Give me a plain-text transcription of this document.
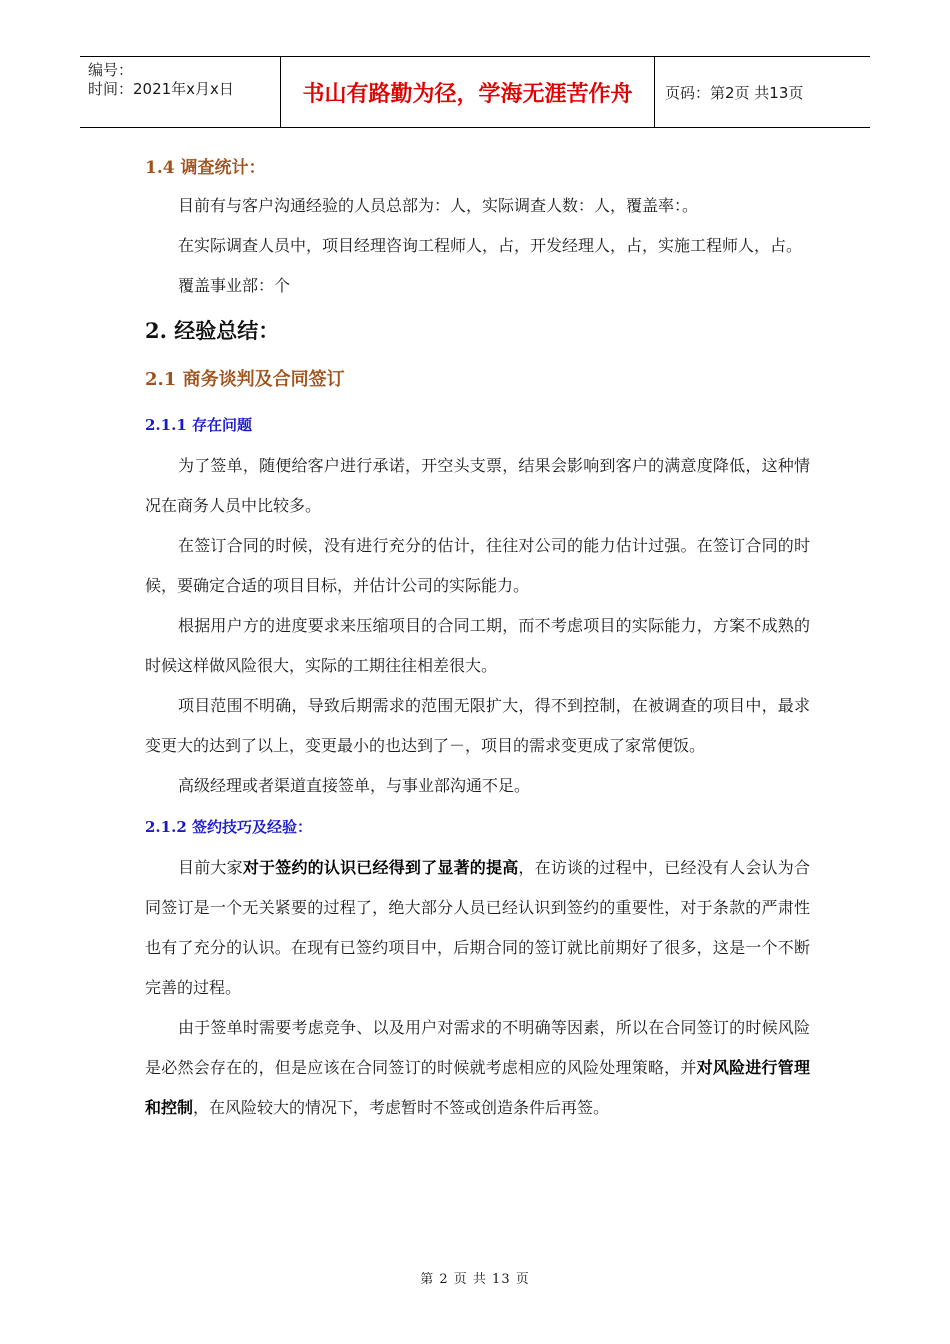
编号：
时间：2021年x月x日	书山有路勤为径，学海无涯苦作舟	页码：第2页 共13页
1.4 调查统计：

目前有与客户沟通经验的人员总部为：人，实际调查人数：人，覆盖率：。

在实际调查人员中，项目经理咨询工程师人，占，开发经理人，占，实施工程师人，占。

覆盖事业部：个

2. 经验总结：
2.1 商务谈判及合同签订
2.1.1 存在问题

为了签单，随便给客户进行承诺，开空头支票，结果会影响到客户的满意度降低，这种情况在商务人员中比较多。

在签订合同的时候，没有进行充分的估计，往往对公司的能力估计过强。在签订合同的时候，要确定合适的项目目标，并估计公司的实际能力。

根据用户方的进度要求来压缩项目的合同工期，而不考虑项目的实际能力，方案不成熟的时候这样做风险很大，实际的工期往往相差很大。

项目范围不明确，导致后期需求的范围无限扩大，得不到控制，在被调查的项目中，最求变更大的达到了以上，变更最小的也达到了－，项目的需求变更成了家常便饭。

高级经理或者渠道直接签单，与事业部沟通不足。

2.1.2 签约技巧及经验：

目前大家对于签约的认识已经得到了显著的提高，在访谈的过程中，已经没有人会认为合同签订是一个无关紧要的过程了，绝大部分人员已经认识到签约的重要性，对于条款的严肃性也有了充分的认识。在现有已签约项目中，后期合同的签订就比前期好了很多，这是一个不断完善的过程。

由于签单时需要考虑竞争、以及用户对需求的不明确等因素，所以在合同签订的时候风险是必然会存在的，但是应该在合同签订的时候就考虑相应的风险处理策略，并对风险进行管理和控制，在风险较大的情况下，考虑暂时不签或创造条件后再签。

第 2 页 共 13 页
